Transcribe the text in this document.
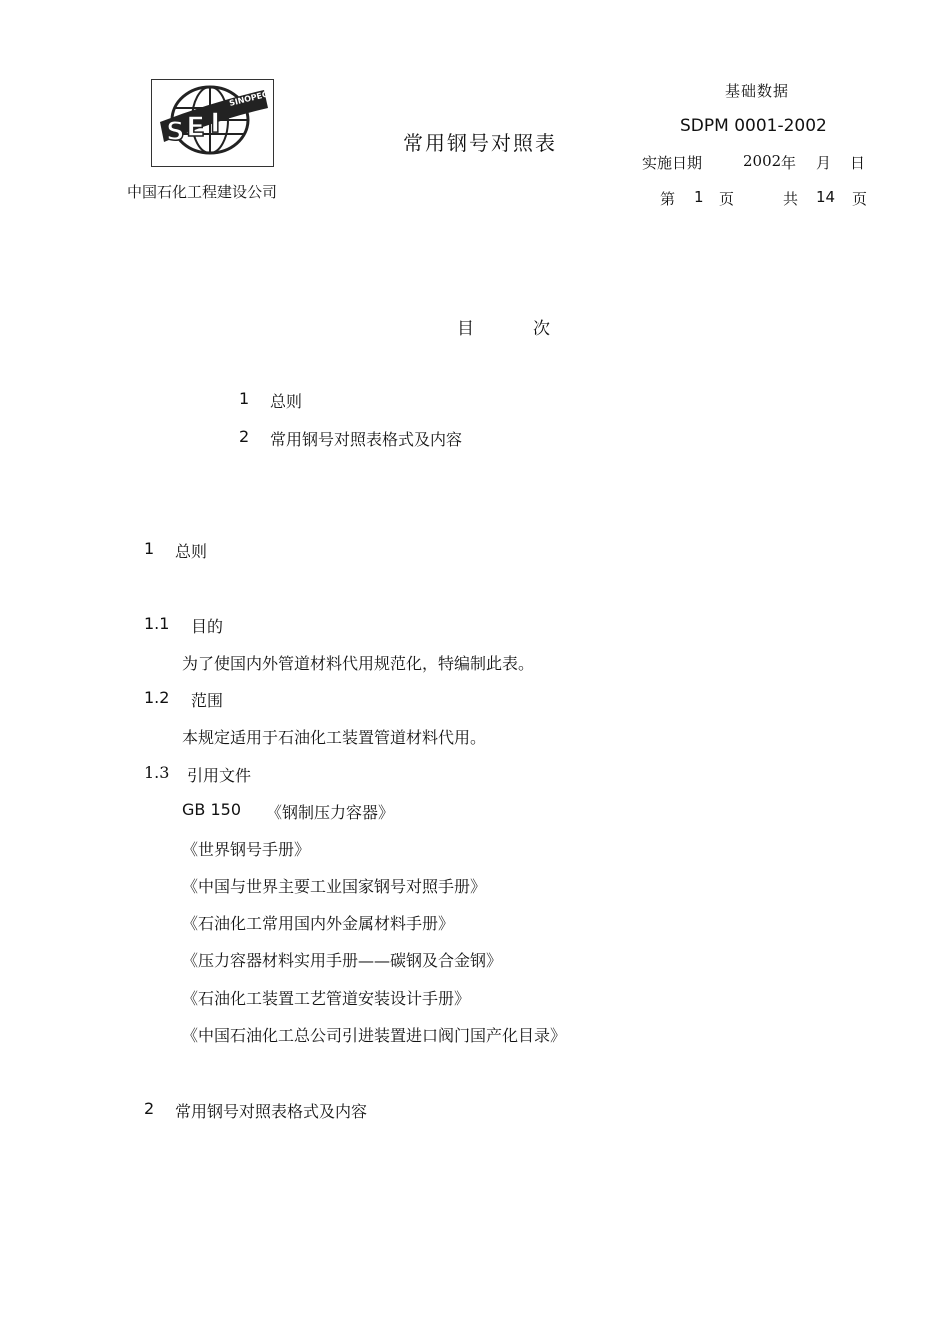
S E I
SINOPEC
中国石化工程建设公司
常用钢号对照表
基础数据
SDPM 0001-2002
实施日期	2002 年 月 日
第 1 页	共 14 页
目	次
1 总则
2 常用钢号对照表格式及内容
1 总则
1.1 目的
为了使国内外管道材料代用规范化，特编制此表。
1.2 范围
本规定适用于石油化工装置管道材料代用。
1.3 引用文件
GB 150 《钢制压力容器》
《世界钢号手册》
《中国与世界主要工业国家钢号对照手册》
《石油化工常用国内外金属材料手册》
《压力容器材料实用手册——碳钢及合金钢》
《石油化工装置工艺管道安装设计手册》
《中国石油化工总公司引进装置进口阀门国产化目录》
2 常用钢号对照表格式及内容
